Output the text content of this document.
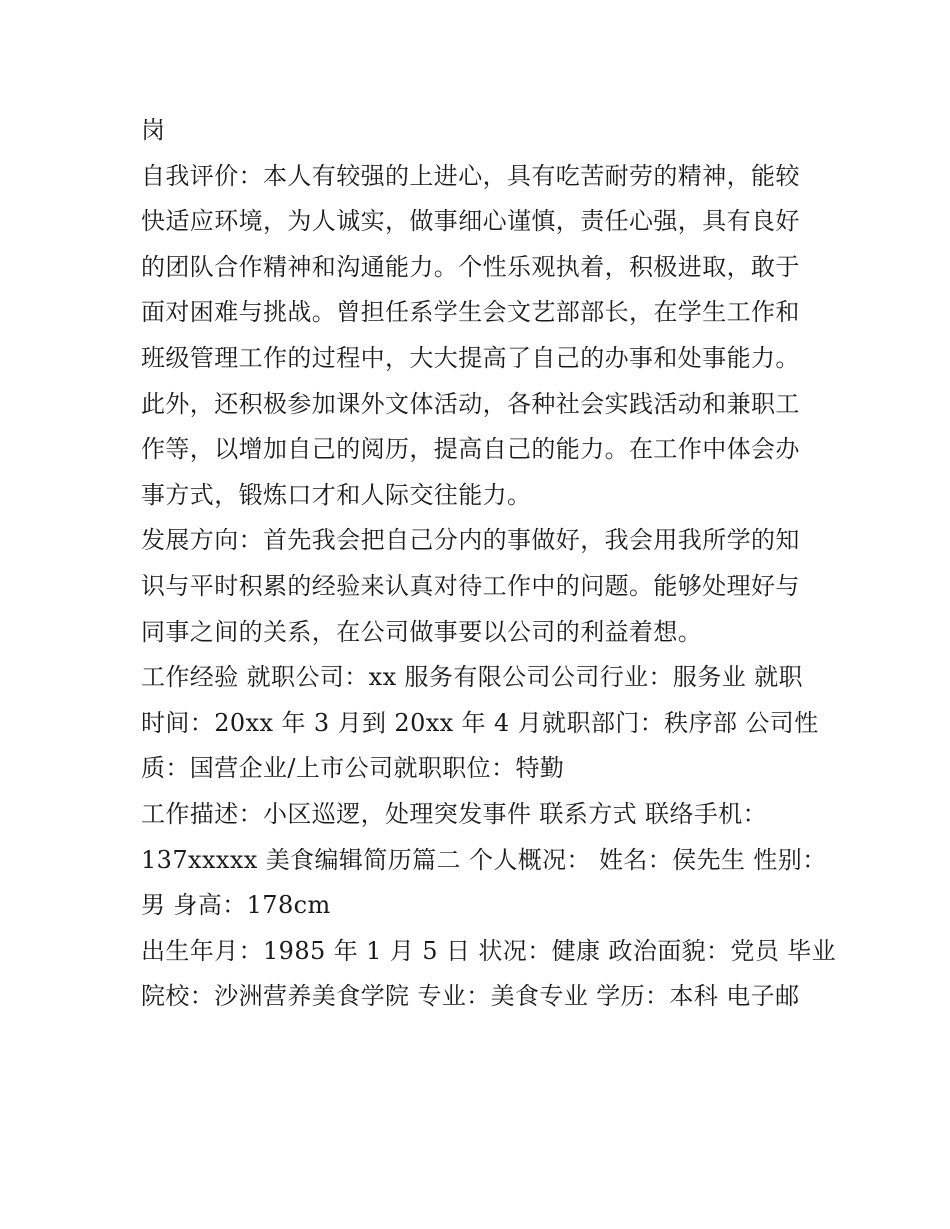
岗
自我评价：本人有较强的上进心，具有吃苦耐劳的精神，能较
快适应环境，为人诚实，做事细心谨慎，责任心强，具有良好
的团队合作精神和沟通能力。个性乐观执着，积极进取，敢于
面对困难与挑战。曾担任系学生会文艺部部长，在学生工作和
班级管理工作的过程中，大大提高了自己的办事和处事能力。
此外，还积极参加课外文体活动，各种社会实践活动和兼职工
作等，以增加自己的阅历，提高自己的能力。在工作中体会办
事方式，锻炼口才和人际交往能力。
发展方向：首先我会把自己分内的事做好，我会用我所学的知
识与平时积累的经验来认真对待工作中的问题。能够处理好与
同事之间的关系，在公司做事要以公司的利益着想。
工作经验 就职公司：xx 服务有限公司公司行业：服务业 就职
时间：20xx 年 3 月到 20xx 年 4 月就职部门：秩序部 公司性
质：国营企业/上市公司就职职位：特勤
工作描述：小区巡逻，处理突发事件 联系方式 联络手机：
137xxxxx 美食编辑简历篇二 个人概况： 姓名：侯先生 性别：
男 身高：178cm
出生年月：1985 年 1 月 5 日 状况：健康 政治面貌：党员 毕业
院校：沙洲营养美食学院 专业：美食专业 学历：本科 电子邮
